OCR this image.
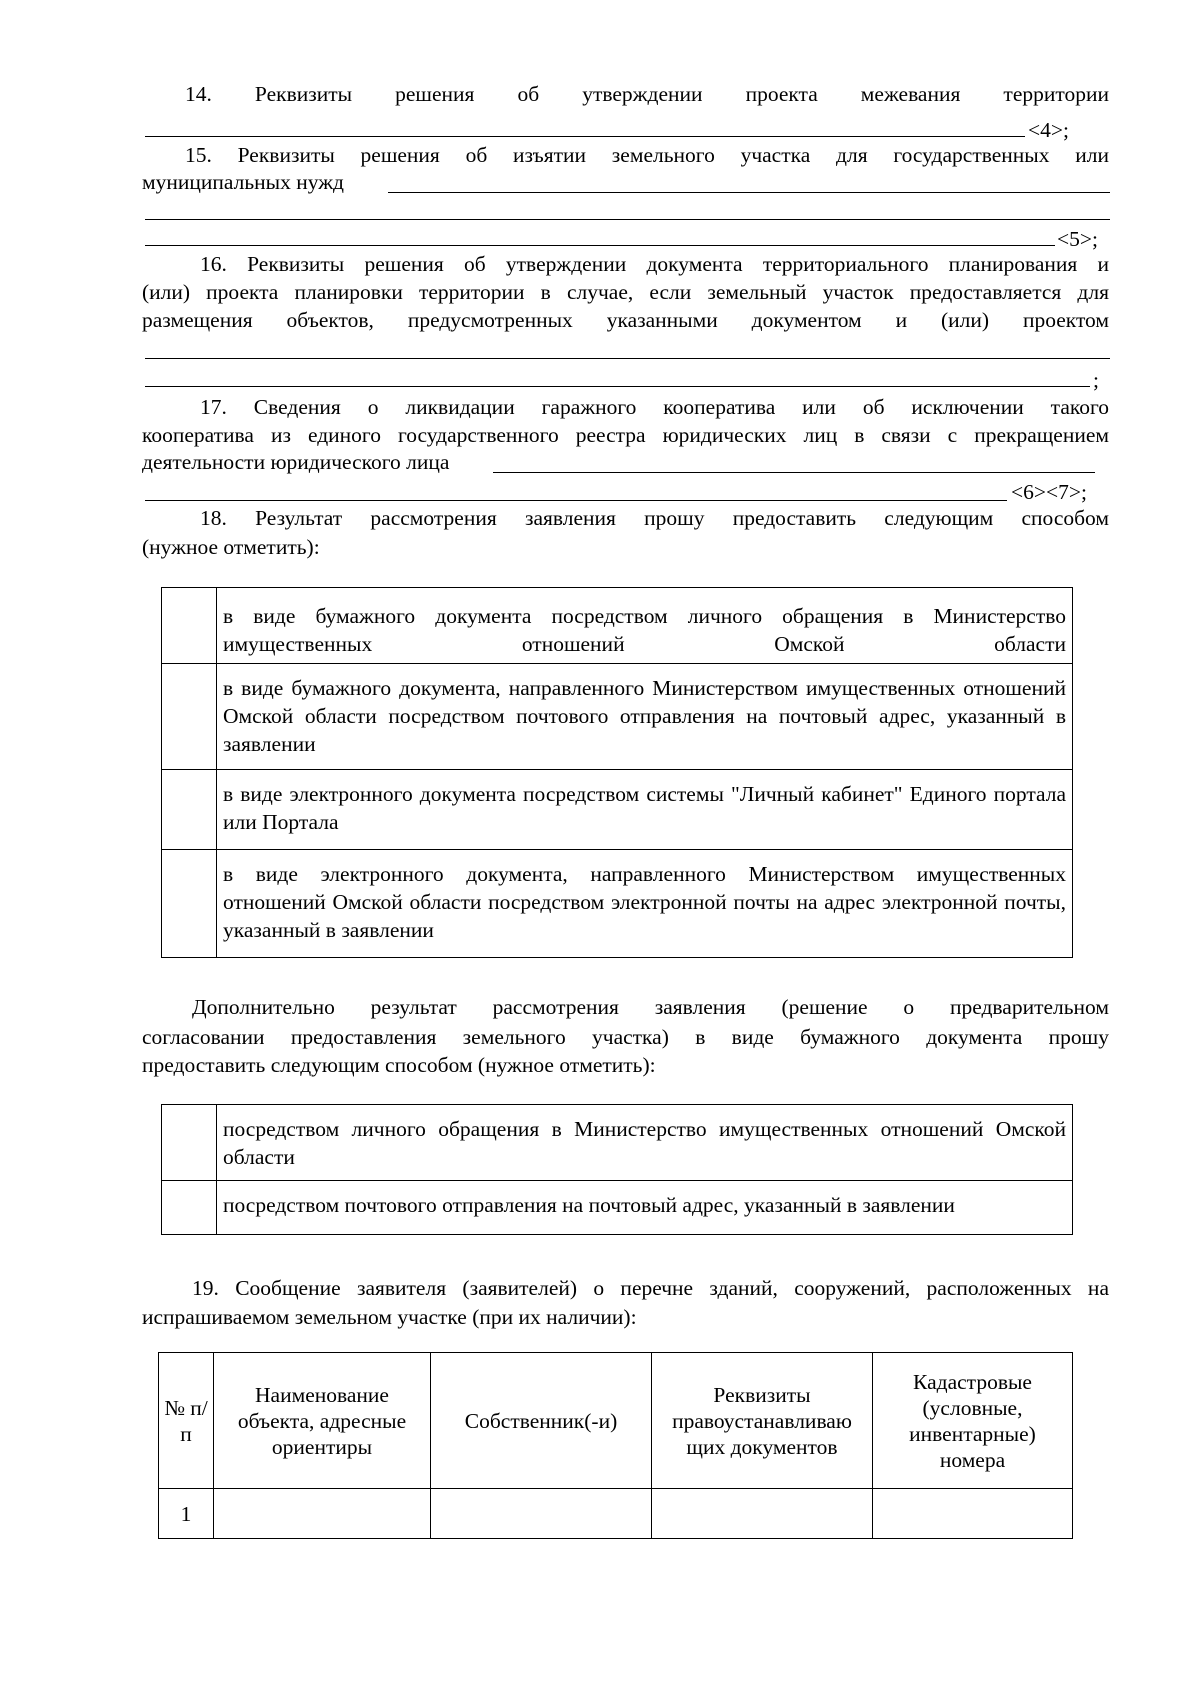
14. Реквизиты решения об утверждении проекта межевания территории

<4>;

15. Реквизиты решения об изъятии земельного участка для государственных или

муниципальных нужд
<5>;

16. Реквизиты решения об утверждении документа территориального планирования и

(или) проекта планировки территории в случае, если земельный участок предоставляется для

размещения объектов, предусмотренных указанными документом и (или) проектом

;

17. Сведения о ликвидации гаражного кооператива или об исключении такого

кооператива из единого государственного реестра юридических лиц в связи с прекращением

деятельности юридического лица
<6><7>;

18. Результат рассмотрения заявления прошу предоставить следующим способом

(нужное отметить):
	в виде бумажного документа посредством личного обращения в Министерство имущественных отношений Омской области
	в виде бумажного документа, направленного Министерством имущественных отношений Омской области посредством почтового отправления на почтовый адрес, указанный в заявлении
	в виде электронного документа посредством системы "Личный кабинет" Единого портала или Портала
	в виде электронного документа, направленного Министерством имущественных отношений Омской области посредством электронной почты на адрес электронной почты, указанный в заявлении

Дополнительно результат рассмотрения заявления (решение о предварительном

согласовании предоставления земельного участка) в виде бумажного документа прошу

предоставить следующим способом (нужное отметить):
	посредством личного обращения в Министерство имущественных отношений Омской области
	посредством почтового отправления на почтовый адрес, указанный в заявлении

19. Сообщение заявителя (заявителей) о перечне зданий, сооружений, расположенных на

испрашиваемом земельном участке (при их наличии):
№ п/п	Наименование объекта, адресные ориентиры	Собственник(-и)	Реквизиты правоустанавливаю щих документов	Кадастровые (условные, инвентарные) номера
1				
